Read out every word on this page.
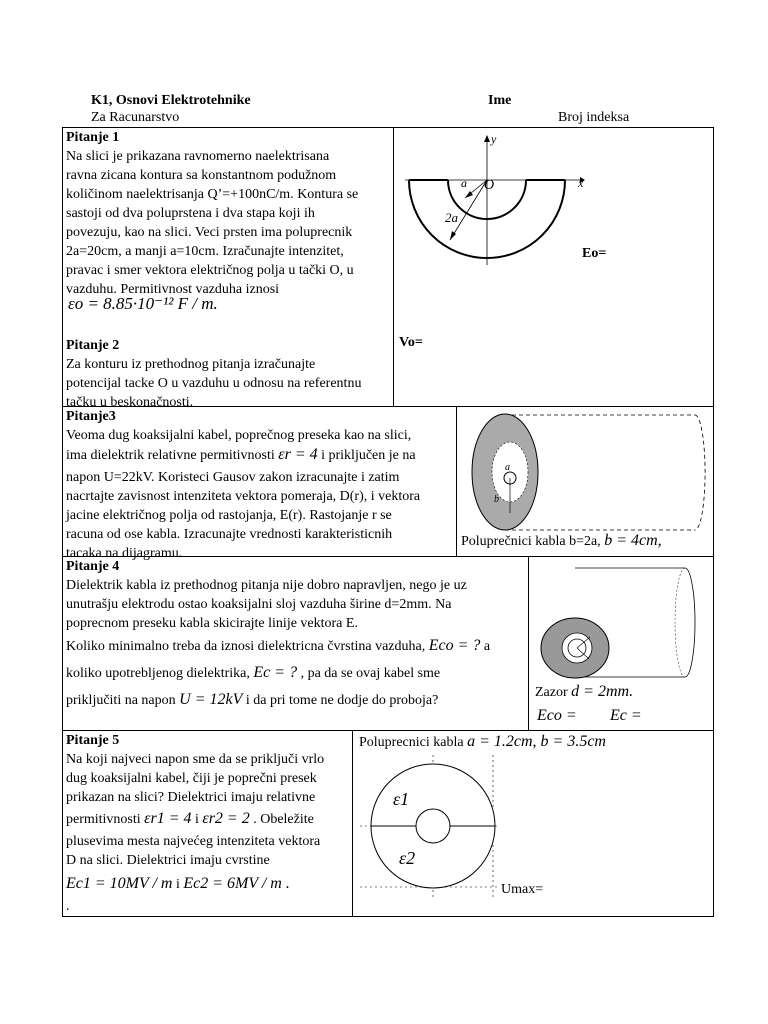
K1, Osnovi Elektrotehnike
Za Racunarstvo
Ime
Broj indeksa
Pitanje 1
Na slici je prikazana ravnomerno naelektrisana
ravna zicana kontura sa konstantnom podužnom
količinom naelektrisanja Q’=+100nC/m. Kontura se
sastoji od dva poluprstena i dva stapa koji ih
povezuju, kao na slici. Veci prsten ima poluprecnik
2a=20cm, a manji a=10cm. Izračunajte intenzitet,
pravac i smer vektora električnog polja u tački O, u
vazduhu. Permitivnost vazduha iznosi
εo = 8.85·10⁻¹² F / m.
y
x
O
a
2a
Eo=
Pitanje 2
Za konturu iz prethodnog pitanja izračunajte
potencijal tacke O u vazduhu u odnosu na referentnu
tačku u beskonačnosti.
Vo=
Pitanje3
Veoma dug koaksijalni kabel, poprečnog preseka kao na slici,
ima dielektrik relativne permitivnosti εr = 4 i priključen je na
napon U=22kV. Koristeci Gausov zakon izracunajte i zatim
nacrtajte zavisnost intenziteta vektora pomeraja, D(r), i vektora
jacine električnog polja od rastojanja, E(r). Rastojanje r se
racuna od ose kabla. Izracunajte vrednosti karakteristicnih
tacaka na dijagramu.
a
b
Poluprečnici kabla b=2a, b = 4cm,
Pitanje 4
Dielektrik kabla iz prethodnog pitanja nije dobro napravljen, nego je uz
unutrašju elektrodu ostao koaksijalni sloj vazduha širine d=2mm. Na
poprecnom preseku kabla skicirajte linije vektora E.
Koliko minimalno treba da iznosi dielektricna čvrstina vazduha, Eco = ? a
koliko upotrebljenog dielektrika, Ec = ? , pa da se ovaj kabel sme
priključiti na napon U = 12kV i da pri tome ne dodje do proboja?
Zazor d = 2mm.
Eco = Ec =
Pitanje 5
Na koji najveci napon sme da se priključi vrlo
dug koaksijalni kabel, čiji je poprečni presek
prikazan na slici? Dielektrici imaju relativne
permitivnosti εr1 = 4 i εr2 = 2 . Obeležite
plusevima mesta najvećeg intenziteta vektora
D na slici. Dielektrici imaju cvrstine
Ec1 = 10MV / m i Ec2 = 6MV / m .
.
Poluprecnici kabla a = 1.2cm, b = 3.5cm
ε1
ε2
Umax=
